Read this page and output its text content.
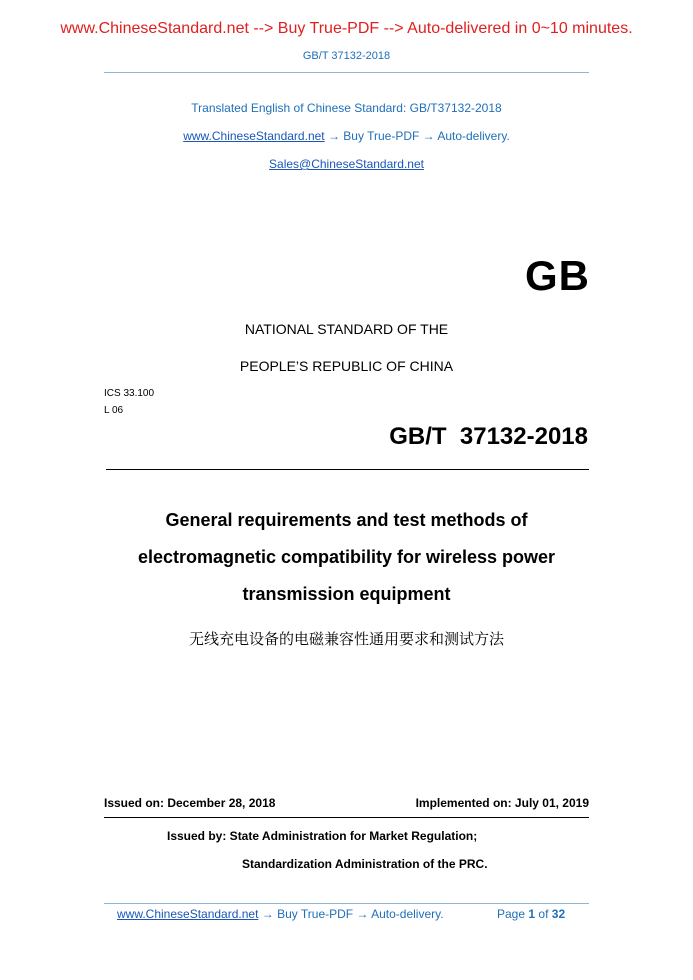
www.ChineseStandard.net --> Buy True-PDF --> Auto-delivered in 0~10 minutes.
GB/T 37132-2018
Translated English of Chinese Standard: GB/T37132-2018
www.ChineseStandard.net → Buy True-PDF → Auto-delivery.
Sales@ChineseStandard.net
GB
NATIONAL STANDARD OF THE
PEOPLE’S REPUBLIC OF CHINA
ICS 33.100
L 06
GB/T  37132-2018
General requirements and test methods of
electromagnetic compatibility for wireless power
transmission equipment
无线充电设备的电磁兼容性通用要求和测试方法
Issued on: December 28, 2018	Implemented on: July 01, 2019
Issued by: State Administration for Market Regulation;
Standardization Administration of the PRC.
www.ChineseStandard.net → Buy True-PDF → Auto-delivery.	Page 1 of 32
